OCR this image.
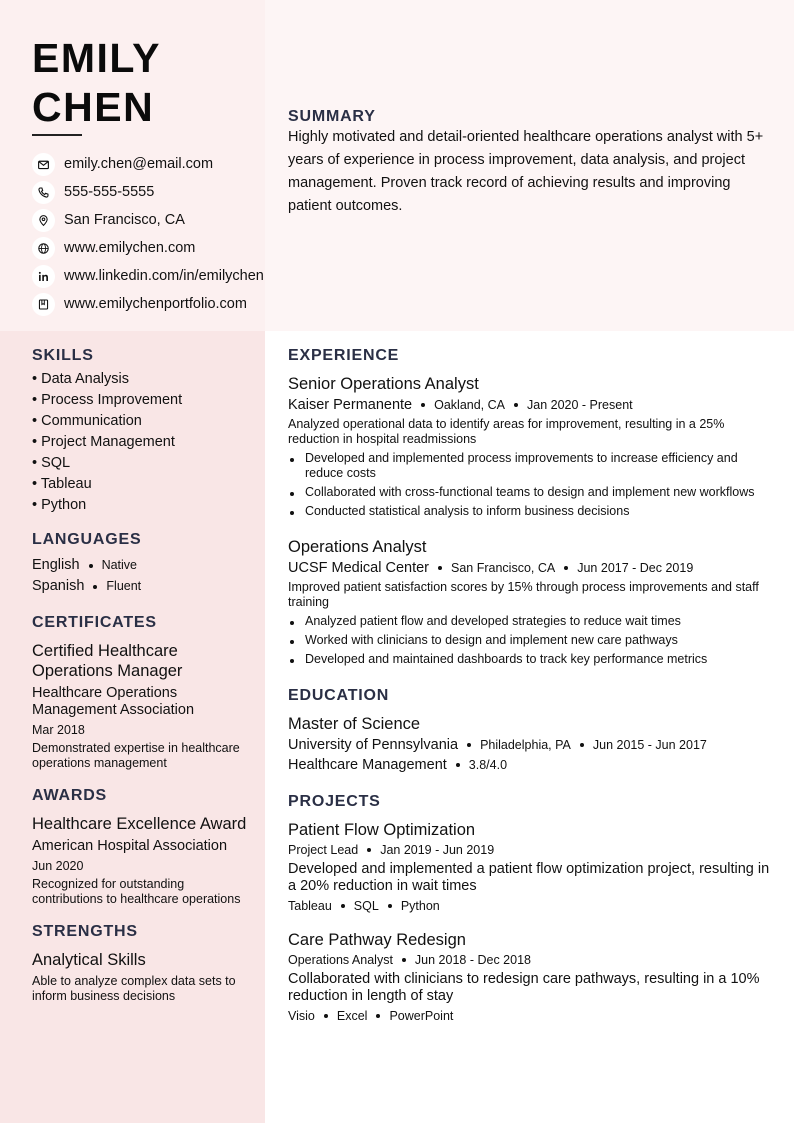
EMILY
CHEN
emily.chen@email.com
555-555-5555
San Francisco, CA
www.emilychen.com
www.linkedin.com/in/emilychen
www.emilychenportfolio.com
SUMMARY

Highly motivated and detail-oriented healthcare operations analyst with 5+ years of experience in process improvement, data analysis, and project management. Proven track record of achieving results and improving patient outcomes.

SKILLS
• Data Analysis
• Process Improvement
• Communication
• Project Management
• SQL
• Tableau
• Python
LANGUAGES
English Native
Spanish Fluent
CERTIFICATES
Certified Healthcare Operations Manager
Healthcare Operations Management Association
Mar 2018
Demonstrated expertise in healthcare operations management
AWARDS
Healthcare Excellence Award
American Hospital Association
Jun 2020
Recognized for outstanding contributions to healthcare operations
STRENGTHS
Analytical Skills
Able to analyze complex data sets to inform business decisions
EXPERIENCE
Senior Operations Analyst
Kaiser Permanente Oakland, CA Jan 2020 - Present
Analyzed operational data to identify areas for improvement, resulting in a 25% reduction in hospital readmissions
Developed and implemented process improvements to increase efficiency and reduce costs
Collaborated with cross-functional teams to design and implement new workflows
Conducted statistical analysis to inform business decisions
Operations Analyst
UCSF Medical Center San Francisco, CA Jun 2017 - Dec 2019
Improved patient satisfaction scores by 15% through process improvements and staff training
Analyzed patient flow and developed strategies to reduce wait times
Worked with clinicians to design and implement new care pathways
Developed and maintained dashboards to track key performance metrics
EDUCATION
Master of Science
University of Pennsylvania Philadelphia, PA Jun 2015 - Jun 2017
Healthcare Management 3.8/4.0
PROJECTS
Patient Flow Optimization
Project Lead Jan 2019 - Jun 2019
Developed and implemented a patient flow optimization project, resulting in a 20% reduction in wait times
Tableau SQL Python
Care Pathway Redesign
Operations Analyst Jun 2018 - Dec 2018
Collaborated with clinicians to redesign care pathways, resulting in a 10% reduction in length of stay
Visio Excel PowerPoint
